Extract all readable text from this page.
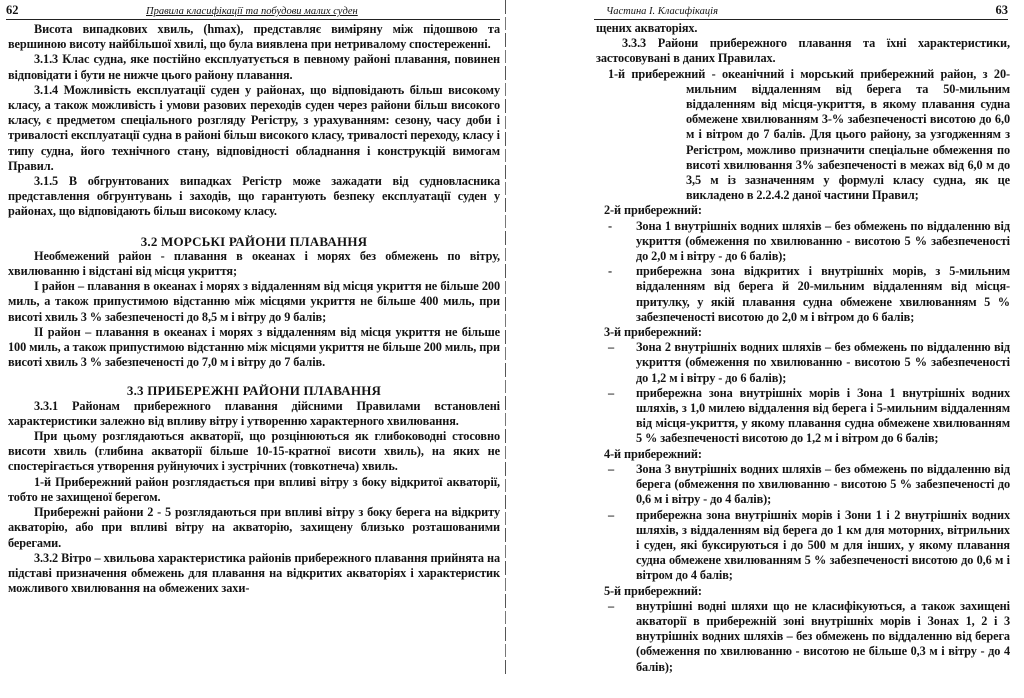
62	Правила класифікації та побудови малих суден

Висота випадкових хвиль, (hmax), представляє виміряну між підошвою та вершиною висоту найбільшої хвилі, що була виявлена при нетривалому спостереженні.

3.1.3 Клас судна, яке постійно експлуатується в певному районі плавання, повинен відповідати і бути не нижче цього району плавання.

3.1.4 Можливість експлуатації суден у районах, що відповідають більш високому класу, а також можливість і умови разових переходів суден через райони більш високого класу, є предметом спеціального розгляду Регістру, з урахуванням: сезону, часу доби і тривалості експлуатації судна в районі більш високого класу, тривалості переходу, класу і типу судна, його технічного стану, відповідності обладнання і конструкцій вимогам Правил.

3.1.5 В обгрунтованих випадках Регістр може зажадати від судновласника представлення обгрунтувань і заходів, що гарантують безпеку експлуатації суден у районах, що відповідають більш високому класу.

3.2 МОРСЬКІ РАЙОНИ ПЛАВАННЯ

Необмежений район - плавання в океанах і морях без обмежень по вітру, хвилюванню і відстані від місця укриття;

І район – плавання в океанах і морях з віддаленням від місця укриття не більше 200 миль, а також припустимою відстанню між місцями укриття не більше 400 миль, при висоті хвиль 3 % забезпеченості до 8,5 м і вітру до 9 балів;

ІІ район – плавання в океанах і морях з віддаленням від місця укриття не більше 100 миль, а також припустимою відстанню між місцями укриття не більше 200 миль, при висоті хвиль 3 % забезпеченості до 7,0 м і вітру до 7 балів.

3.3 ПРИБЕРЕЖНІ РАЙОНИ ПЛАВАННЯ

3.3.1 Районам прибережного плавання дійсними Правилами встановлені характеристики залежно від впливу вітру і утворенню характерного хвилювання.

При цьому розглядаються акваторії, що розцінюються як глибоководні стосовно висоти хвиль (глибина акваторії більше 10-15-кратної висоти хвиль), на яких не спостерігається утворення руйнуючих і зустрічних (товкотнеча) хвиль.

1-й Прибережний район розглядається при впливі вітру з боку відкритої акваторії, тобто не захищеної берегом.

Прибережні райони 2 - 5 розглядаються при впливі вітру з боку берега на відкриту акваторію, або при впливі вітру на акваторію, захищену близько розташованими берегами.

3.3.2 Вітро – хвильова характеристика районів прибережного плавання прийнята на підставі призначення обмежень для плавання на відкритих акваторіях і характеристик можливого хвилювання на обмежених захи-

Частина І. Класифікація	63

щених акваторіях.

3.3.3 Райони прибережного плавання та їхні характеристики, застосовувані в даних Правилах.

1-й прибережний - океанічний і морський прибережний район, з 20-мильним віддаленням від берега та 50-мильним віддаленням від місця-укриття, в якому плавання судна обмежене хвилюванням 3-% забезпеченості висотою до 6,0 м і вітром до 7 балів. Для цього району, за узгодженням з Регістром, можливо призначити спеціальне обмеження по висоті хвилювання 3% забезпеченості в межах від 6,0 м до 3,5 м із зазначенням у формулі класу судна, як це викладено в 2.2.4.2 даної частини Правил;

2-й прибережний:

- Зона 1 внутрішніх водних шляхів – без обмежень по віддаленню від укриття (обмеження по хвилюванню - висотою 5 % забезпеченості до 2,0 м і вітру - до 6 балів);

- прибережна зона відкритих і внутрішніх морів, з 5-мильним віддаленням від берега й 20-мильним віддаленням від місця-притулку, у якій плавання судна обмежене хвилюванням 5 % забезпеченості висотою до 2,0 м і вітром до 6 балів;

3-й прибережний:

– Зона 2 внутрішніх водних шляхів – без обмежень по віддаленню від укриття (обмеження по хвилюванню - висотою 5 % забезпеченості до 1,2 м і вітру - до 6 балів);

– прибережна зона внутрішніх морів і Зона 1 внутрішніх водних шляхів, з 1,0 милею віддалення від берега і 5-мильним віддаленням від місця-укриття, у якому плавання судна обмежене хвилюванням 5 % забезпеченості висотою до 1,2 м і вітром до 6 балів;

4-й прибережний:

– Зона 3 внутрішніх водних шляхів – без обмежень по віддаленню від берега (обмеження по хвилюванню - висотою 5 % забезпеченості до 0,6 м і вітру - до 4 балів);

– прибережна зона внутрішніх морів і Зони 1 і 2 внутрішніх водних шляхів, з віддаленням від берега до 1 км для моторних, вітрильних і суден, які буксируються і до 500 м для інших, у якому плавання судна обмежене хвилюванням 5 % забезпеченості висотою до 0,6 м і вітром до 4 балів;

5-й прибережний:

– внутрішні водні шляхи що не класифікуються, а також захищені акваторії в прибережній зоні внутрішніх морів і Зонах 1, 2 і 3 внутрішніх водних шляхів – без обмежень по віддаленню від берега (обмеження по хвилюванню - висотою не більше 0,3 м і вітру - до 4 балів);
